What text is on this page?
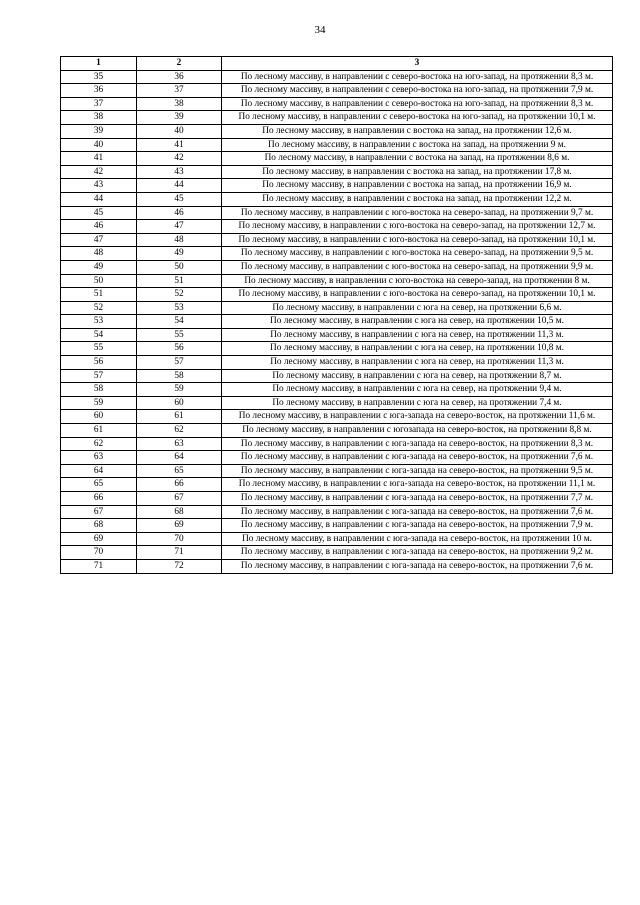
34
1	2	3
35	36	По лесному массиву, в направлении с северо-востока на юго-запад, на протяжении 8,3 м.
36	37	По лесному массиву, в направлении с северо-востока на юго-запад, на протяжении 7,9 м.
37	38	По лесному массиву, в направлении с северо-востока на юго-запад, на протяжении 8,3 м.
38	39	По лесному массиву, в направлении с северо-востока на юго-запад, на протяжении 10,1 м.
39	40	По лесному массиву, в направлении с востока на запад, на протяжении 12,6 м.
40	41	По лесному массиву, в направлении с востока на запад, на протяжении 9 м.
41	42	По лесному массиву, в направлении с востока на запад, на протяжении 8,6 м.
42	43	По лесному массиву, в направлении с востока на запад, на протяжении 17,8 м.
43	44	По лесному массиву, в направлении с востока на запад, на протяжении 16,9 м.
44	45	По лесному массиву, в направлении с востока на запад, на протяжении 12,2 м.
45	46	По лесному массиву, в направлении с юго-востока на северо-запад, на протяжении 9,7 м.
46	47	По лесному массиву, в направлении с юго-востока на северо-запад, на протяжении 12,7 м.
47	48	По лесному массиву, в направлении с юго-востока на северо-запад, на протяжении 10,1 м.
48	49	По лесному массиву, в направлении с юго-востока на северо-запад, на протяжении 9,5 м.
49	50	По лесному массиву, в направлении с юго-востока на северо-запад, на протяжении 9,9 м.
50	51	По лесному массиву, в направлении с юго-востока на северо-запад, на протяжении 8 м.
51	52	По лесному массиву, в направлении с юго-востока на северо-запад, на протяжении 10,1 м.
52	53	По лесному массиву, в направлении с юга на север, на протяжении 6,6 м.
53	54	По лесному массиву, в направлении с юга на север, на протяжении 10,5 м.
54	55	По лесному массиву, в направлении с юга на север, на протяжении 11,3 м.
55	56	По лесному массиву, в направлении с юга на север, на протяжении 10,8 м.
56	57	По лесному массиву, в направлении с юга на север, на протяжении 11,3 м.
57	58	По лесному массиву, в направлении с юга на север, на протяжении 8,7 м.
58	59	По лесному массиву, в направлении с юга на север, на протяжении 9,4 м.
59	60	По лесному массиву, в направлении с юга на север, на протяжении 7,4 м.
60	61	По лесному массиву, в направлении с юга-запада на северо-восток, на протяжении 11,6 м.
61	62	По лесному массиву, в направлении с югозапада на северо-восток, на протяжении 8,8 м.
62	63	По лесному массиву, в направлении с юга-запада на северо-восток, на протяжении 8,3 м.
63	64	По лесному массиву, в направлении с юга-запада на северо-восток, на протяжении 7,6 м.
64	65	По лесному массиву, в направлении с юга-запада на северо-восток, на протяжении 9,5 м.
65	66	По лесному массиву, в направлении с юга-запада на северо-восток, на протяжении 11,1 м.
66	67	По лесному массиву, в направлении с юга-запада на северо-восток, на протяжении 7,7 м.
67	68	По лесному массиву, в направлении с юга-запада на северо-восток, на протяжении 7,6 м.
68	69	По лесному массиву, в направлении с юга-запада на северо-восток, на протяжении 7,9 м.
69	70	По лесному массиву, в направлении с юга-запада на северо-восток, на протяжении 10 м.
70	71	По лесному массиву, в направлении с юга-запада на северо-восток, на протяжении 9,2 м.
71	72	По лесному массиву, в направлении с юга-запада на северо-восток, на протяжении 7,6 м.
